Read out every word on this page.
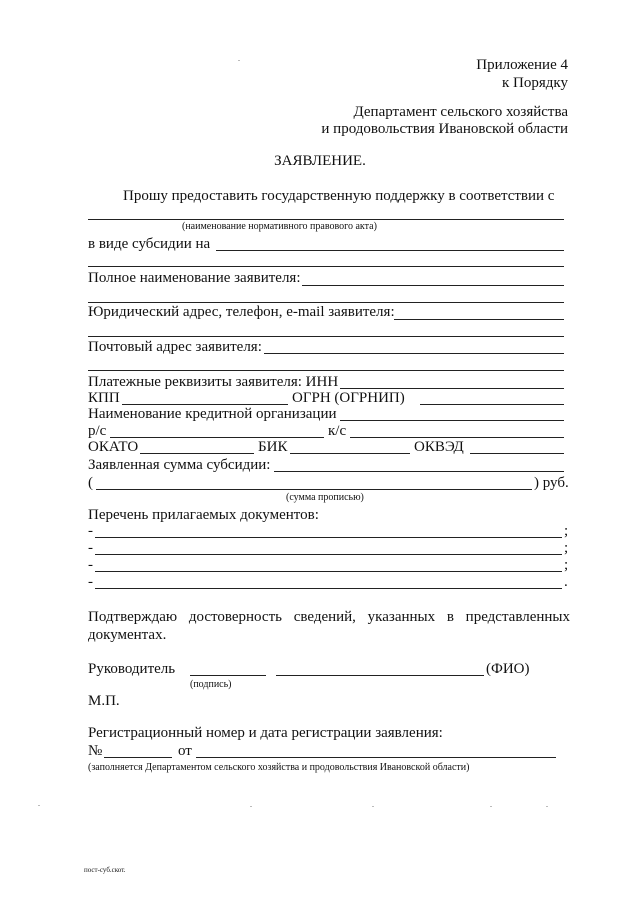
Приложение 4
к Порядку
Департамент сельского хозяйства
и продовольствия Ивановской области
ЗАЯВЛЕНИЕ.
Прошу предоставить государственную поддержку в соответствии с
(наименование нормативного правового акта)
в виде субсидии на
Полное наименование заявителя:
Юридический адрес, телефон, e-mail заявителя:
Почтовый адрес заявителя:
Платежные реквизиты заявителя: ИНН
КПП	ОГРН (ОГРНИП)
Наименование кредитной организации
р/с	к/с
ОКАТО	БИК	ОКВЭД
Заявленная сумма субсидии:
(	) руб.
(сумма прописью)
Перечень прилагаемых документов:
-	;
-	;
-	;
-	.
Подтверждаю достоверность сведений, указанных в представленных
документах.
Руководитель	(ФИО)
(подпись)
М.П.
Регистрационный номер и дата регистрации заявления:
№	от
(заполняется Департаментом сельского хозяйства и продовольствия Ивановской области)
пост-суб.скот.
